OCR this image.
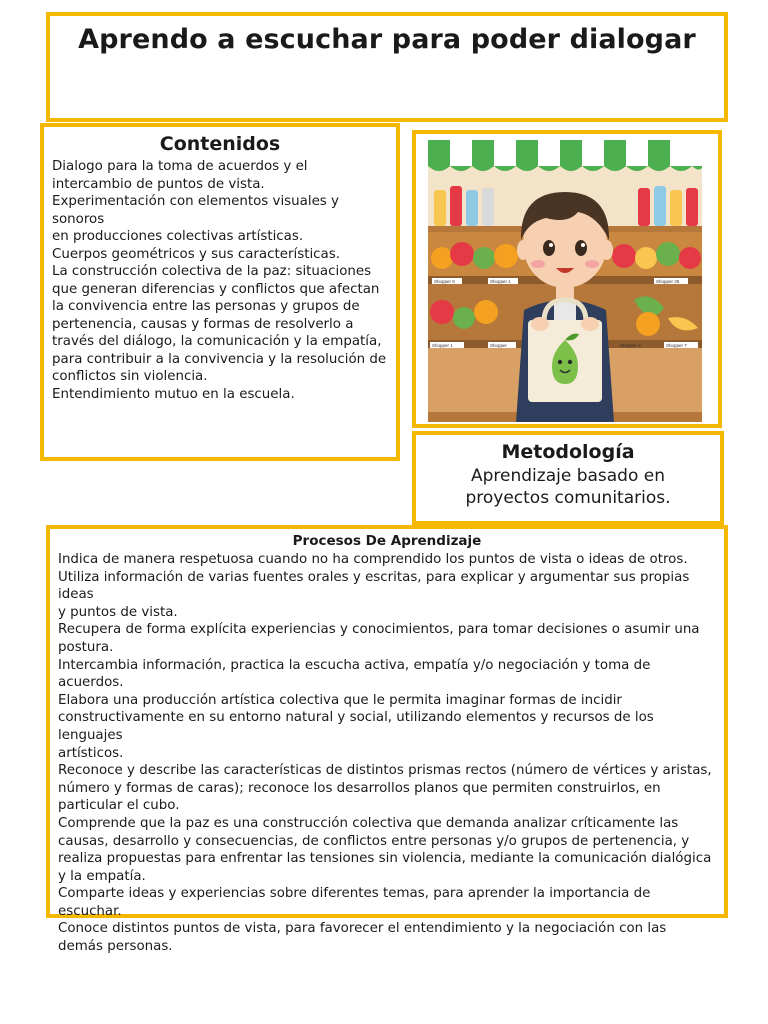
Aprendo a escuchar para poder dialogar
Contenidos

Dialogo para la toma de acuerdos y el
intercambio de puntos de vista.
Experimentación con elementos visuales y sonoros
en producciones colectivas artísticas.
Cuerpos geométricos y sus características.
La construcción colectiva de la paz: situaciones
que generan diferencias y conflictos que afectan
la convivencia entre las personas y grupos de
pertenencia, causas y formas de resolverlo a
través del diálogo, la comunicación y la empatía,
para contribuir a la convivencia y la resolución de
conflictos sin violencia.
Entendimiento mutuo en la escuela.

Shopper 5	Shopper 1	Shopper 25
Shopper 1	Shopper	Shopper 2	Shopper 7
Metodología

Aprendizaje basado en
proyectos comunitarios.

Procesos De Aprendizaje

Indica de manera respetuosa cuando no ha comprendido los puntos de vista o ideas de otros.
Utiliza información de varias fuentes orales y escritas, para explicar y argumentar sus propias ideas
y puntos de vista.
Recupera de forma explícita experiencias y conocimientos, para tomar decisiones o asumir una
postura.
Intercambia información, practica la escucha activa, empatía y/o negociación y toma de
acuerdos.
Elabora una producción artística colectiva que le permita imaginar formas de incidir
constructivamente en su entorno natural y social, utilizando elementos y recursos de los lenguajes
artísticos.
Reconoce y describe las características de distintos prismas rectos (número de vértices y aristas,
número y formas de caras); reconoce los desarrollos planos que permiten construirlos, en
particular el cubo.
Comprende que la paz es una construcción colectiva que demanda analizar críticamente las
causas, desarrollo y consecuencias, de conflictos entre personas y/o grupos de pertenencia, y
realiza propuestas para enfrentar las tensiones sin violencia, mediante la comunicación dialógica
y la empatía.
Comparte ideas y experiencias sobre diferentes temas, para aprender la importancia de
escuchar.
Conoce distintos puntos de vista, para favorecer el entendimiento y la negociación con las
demás personas.
